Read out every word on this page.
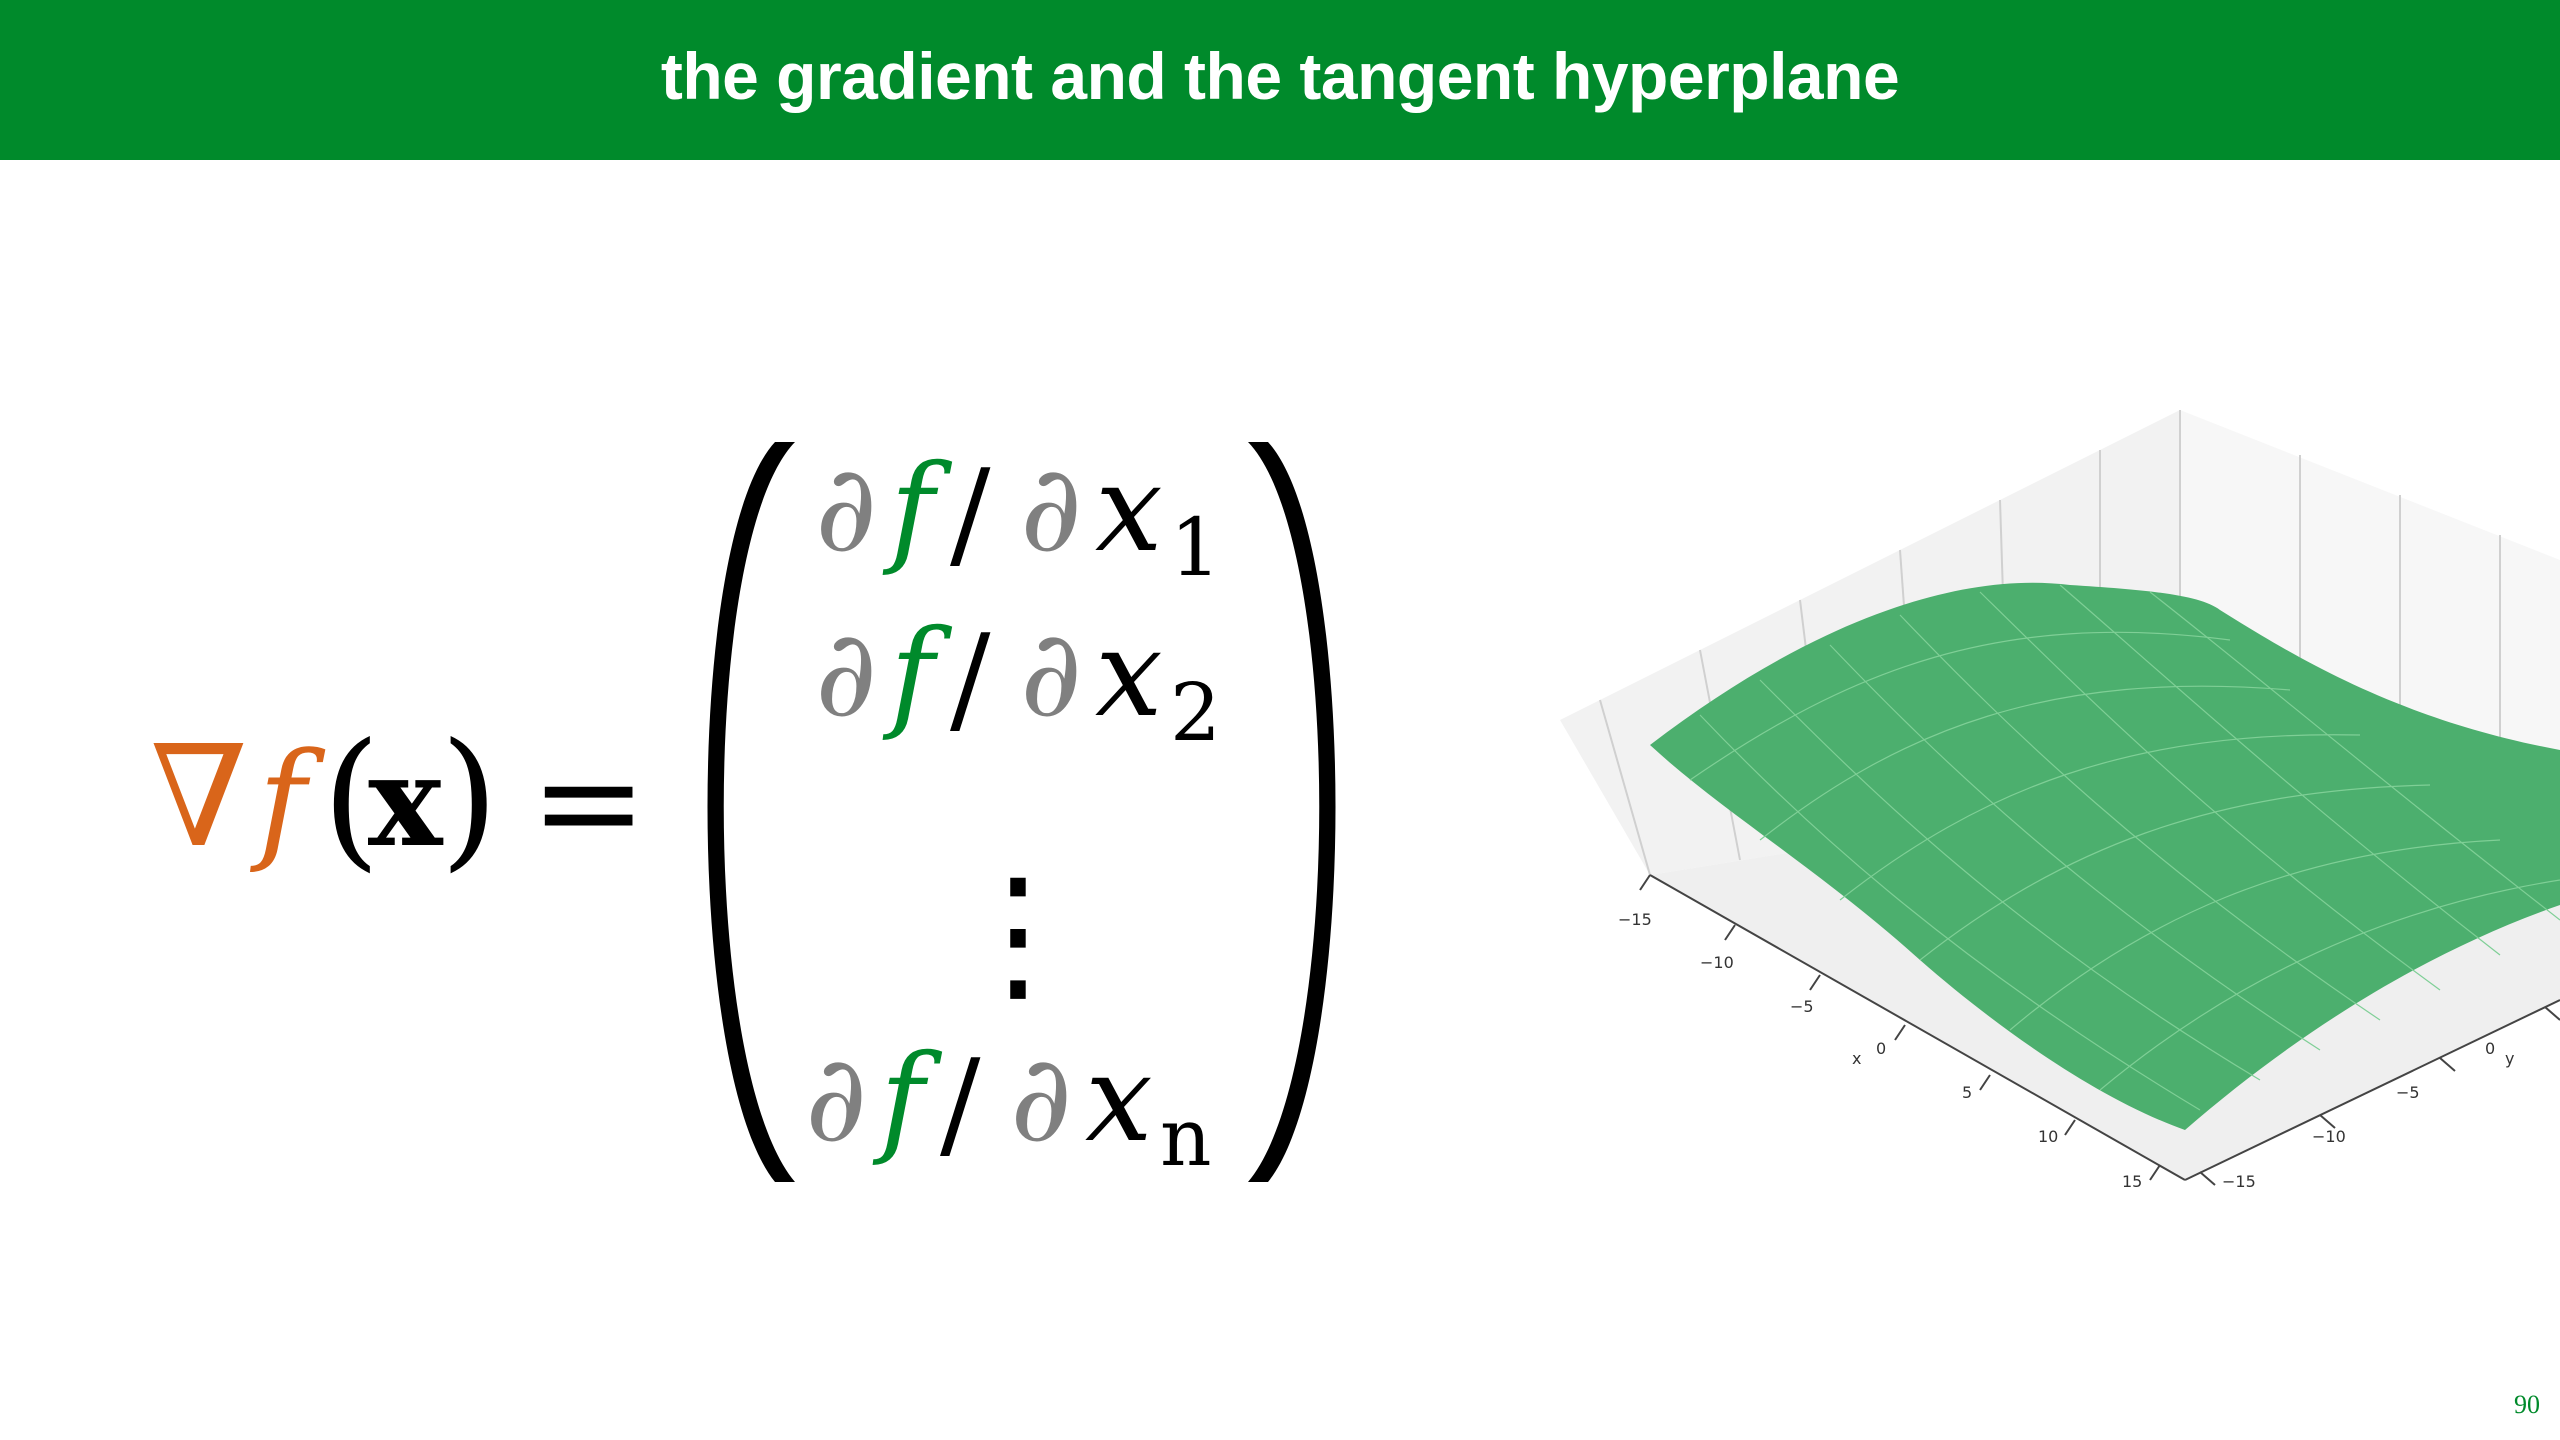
the gradient and the tangent hyperplane
∇ f (
x
) =
∂ f / ∂ x 1
∂ f / ∂ x 2
⋮
∂ f / ∂ x n
−15
−10
−5
0
5
10
15
x
−15
−10
−5
0
y
90
